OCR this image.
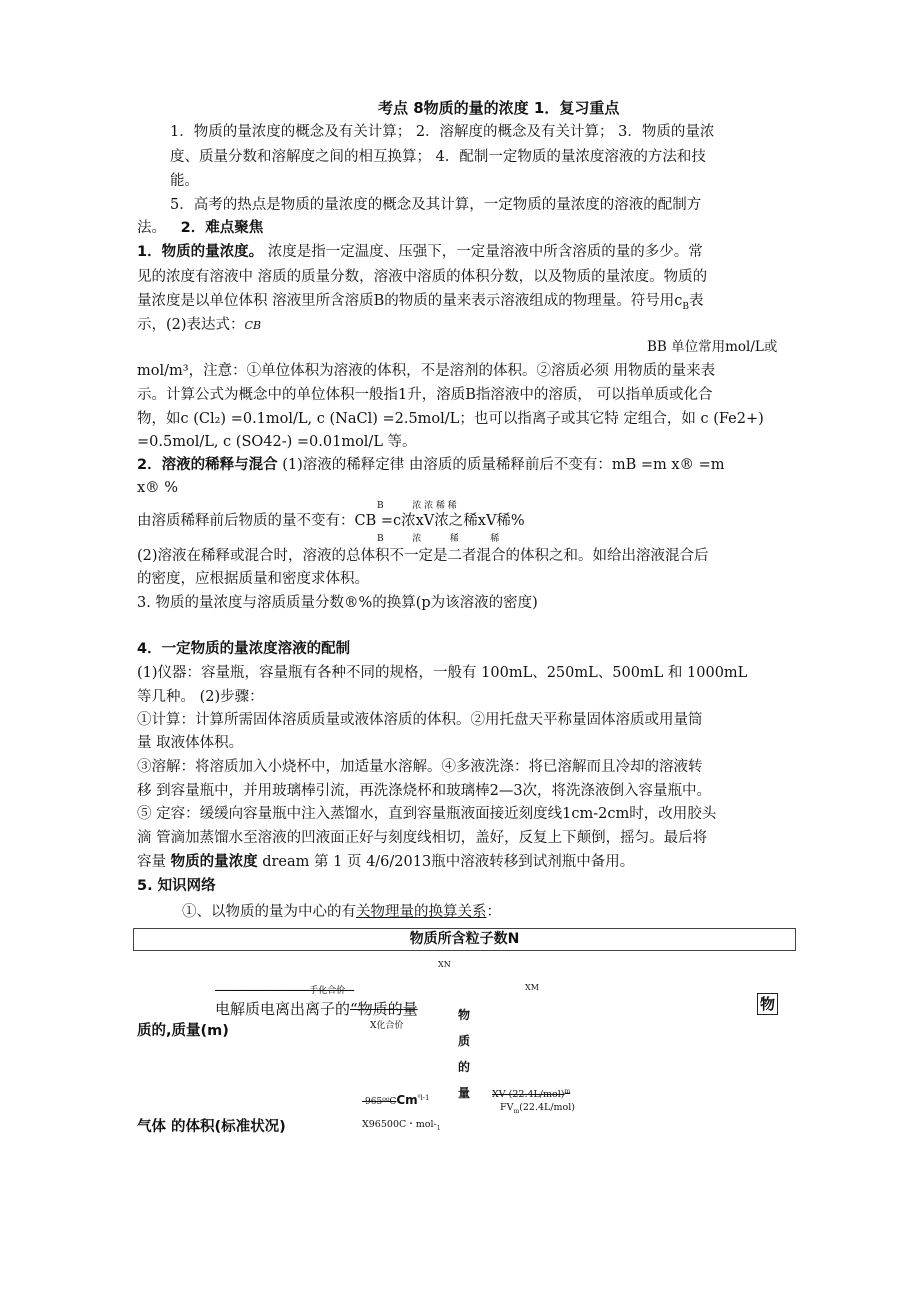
考点 8物质的量的浓度 1．复习重点
1．物质的量浓度的概念及有关计算； 2．溶解度的概念及有关计算； 3．物质的量浓
度、质量分数和溶解度之间的相互换算； 4．配制一定物质的量浓度溶液的方法和技
能。
5．高考的热点是物质的量浓度的概念及其计算，一定物质的量浓度的溶液的配制方
法。 2．难点聚焦
1．物质的量浓度。 浓度是指一定温度、压强下，一定量溶液中所含溶质的量的多少。常
见的浓度有溶液中 溶质的质量分数，溶液中溶质的体积分数，以及物质的量浓度。物质的
量浓度是以单位体积 溶液里所含溶质B的物质的量来表示溶液组成的物理量。符号用$c_B$表
示，(2)表达式：CB
BB 单位常用mol/L或
mol/m³，注意：①单位体积为溶液的体积，不是溶剂的体积。②溶质必须 用物质的量来表
示。计算公式为概念中的单位体积一般指1升，溶质B指溶液中的溶质， 可以指单质或化合
物，如c (Cl₂) =0.1mol/L, c (NaCl) =2.5mol/L；也可以指离子或其它特 定组合，如 c (Fe2+)
=0.5mol/L, c (SO42-) =0.01mol/L 等。
2．溶液的稀释与混合 (1)溶液的稀释定律 由溶质的质量稀释前后不变有：mB =m x® =m
x® %
B          浓 浓 稀 稀
由溶质稀释前后物质的量不变有：CB =c浓xV浓之稀xV稀%
B          浓          稀           稀
(2)溶液在稀释或混合时，溶液的总体积不一定是二者混合的体积之和。如给出溶液混合后
的密度，应根据质量和密度求体积。
3. 物质的量浓度与溶质质量分数®%的换算(p为该溶液的密度)
4．一定物质的量浓度溶液的配制
(1)仪器：容量瓶，容量瓶有各种不同的规格，一般有 100mL、250mL、500mL 和 1000mL
等几种。 (2)步骤：
①计算：计算所需固体溶质质量或液体溶质的体积。②用托盘天平称量固体溶质或用量筒
量 取液体体积。
③溶解：将溶质加入小烧杯中，加适量水溶解。④多液洗涤：将已溶解而且冷却的溶液转
移 到容量瓶中，并用玻璃棒引流，再洗涤烧杯和玻璃棒2—3次，将洗涤液倒入容量瓶中。
⑤ 定容：缓缓向容量瓶中注入蒸馏水，直到容量瓶液面接近刻度线1cm-2cm时，改用胶头
滴 管滴加蒸馏水至溶液的凹液面正好与刻度线相切，盖好，反复上下颠倒，摇匀。最后将
容量 物质的量浓度 dream 第 1 页 4/6/2013瓶中溶液转移到试剂瓶中备用。
5. 知识网络
①、以物质的量为中心的有关物理量的换算关系：
物质所含粒子数N
XN
-------------------------------手化合价 --	XM
电解质电离出离子的“物质的量
X化合价
物
质
的
量
物
质的,质量(m)
-965⁰⁰CCm$^{^0l-1}$	XV $(22.4L/mol)^m$
$FV_m(22.4L/mol)$
X96500C・mol-$_1$
气体 的体积(标准状况)
